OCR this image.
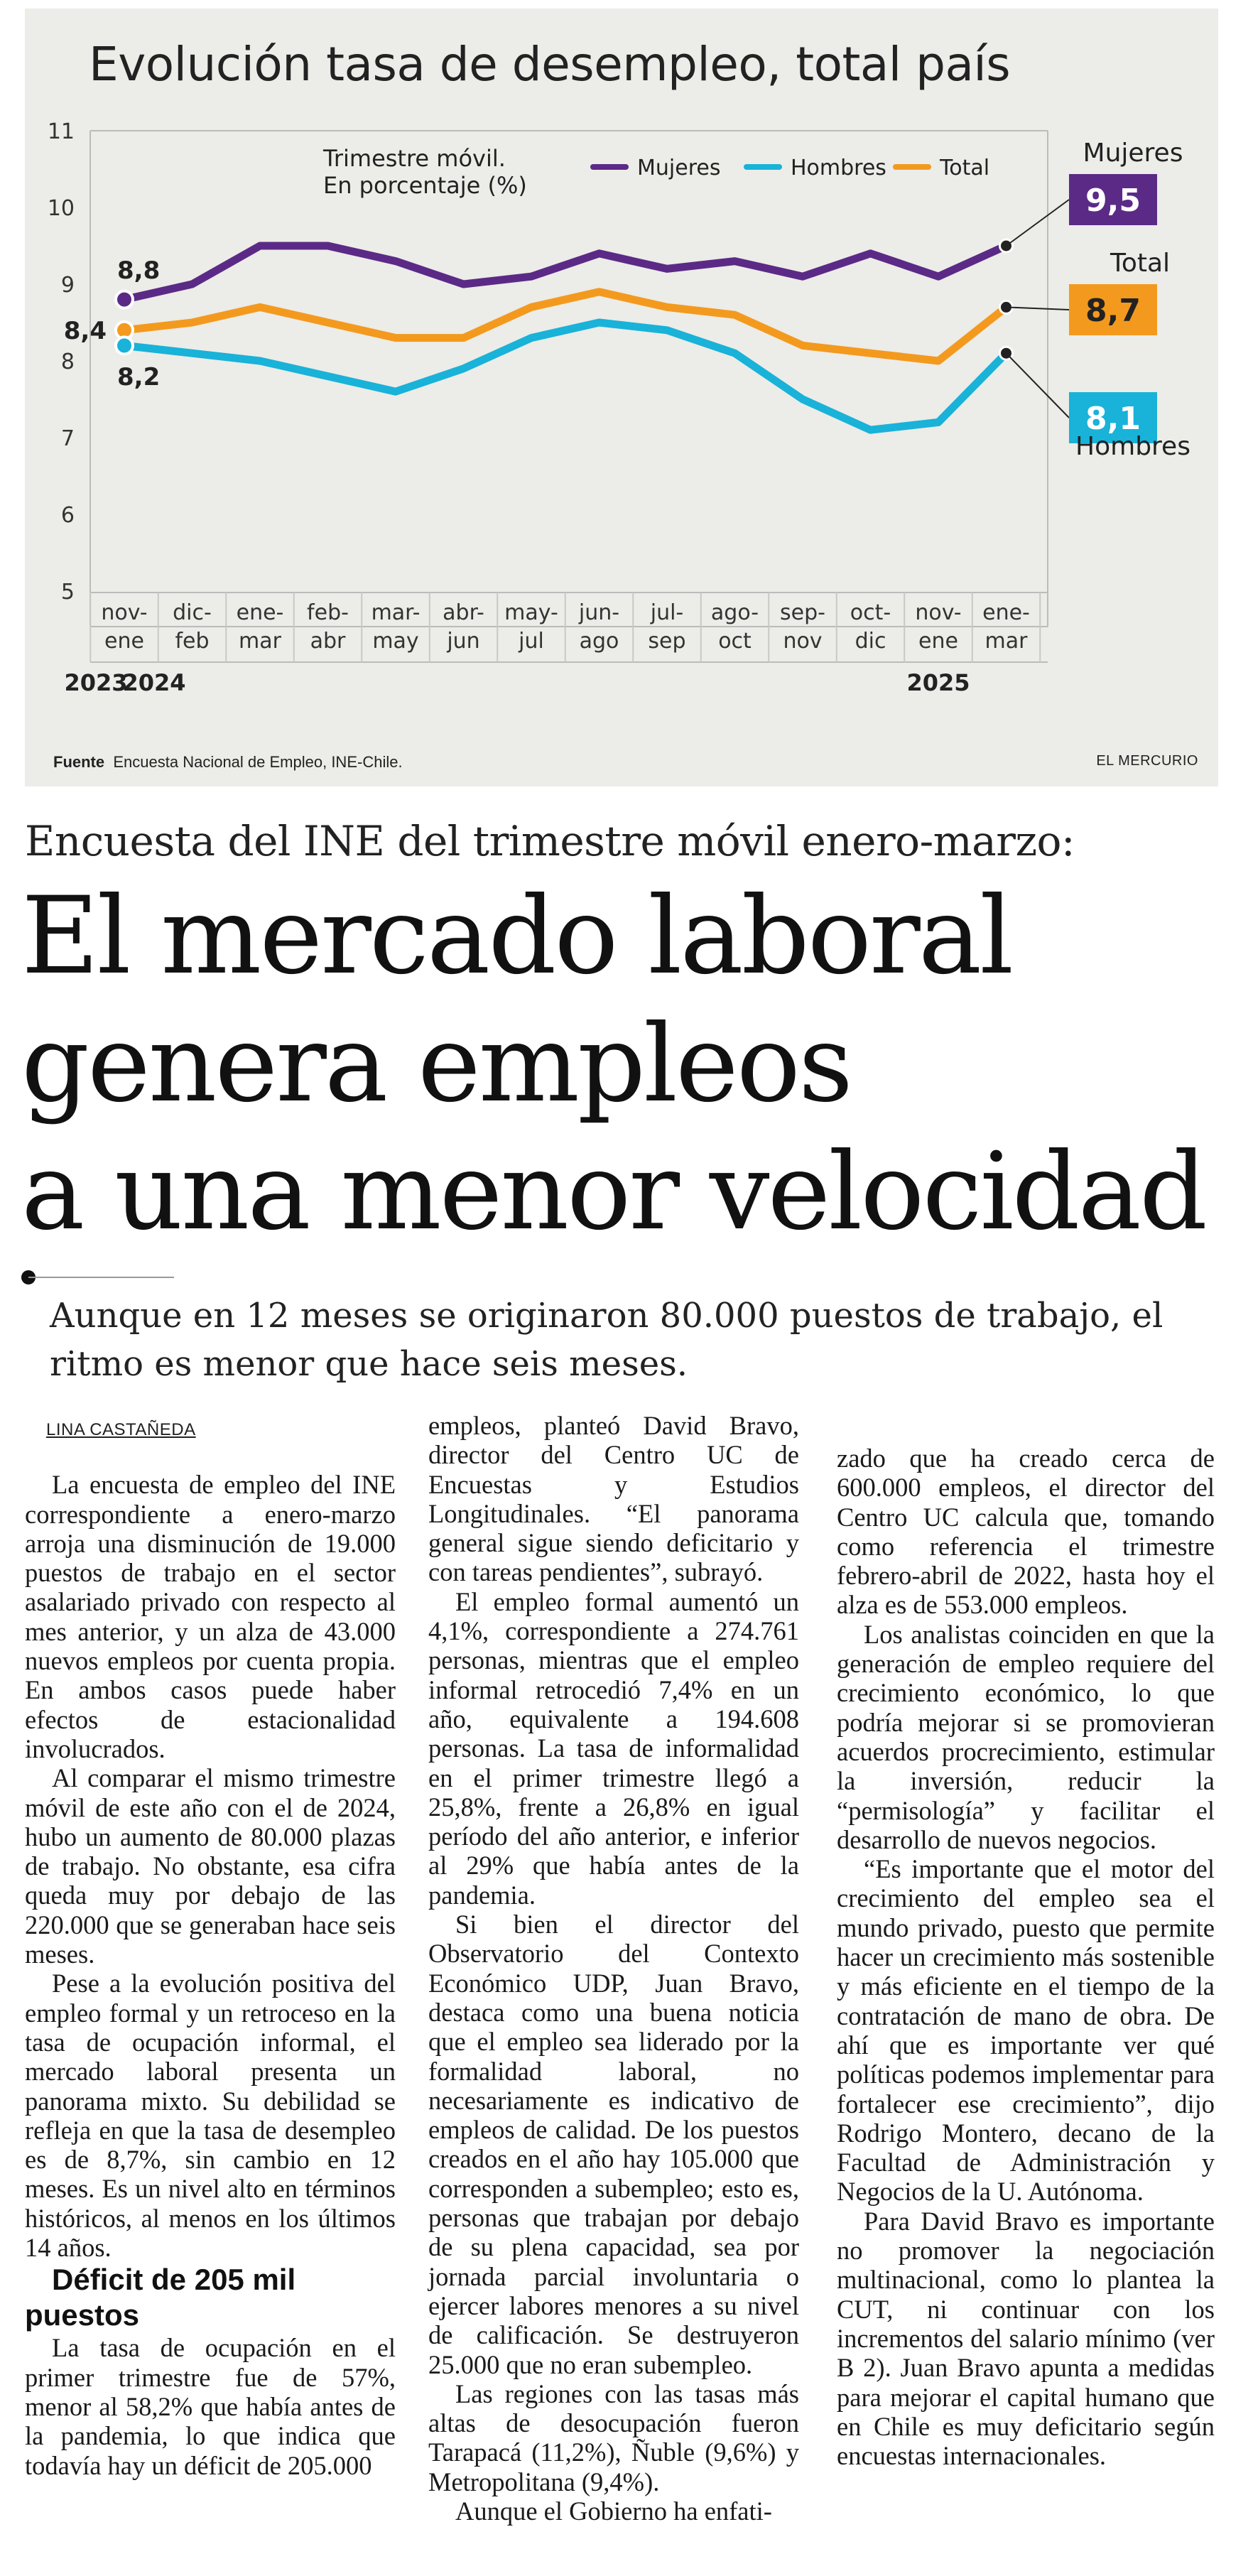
Evolución tasa de desempleo, total país
11
10
9
8
7
6
5
nov-
ene
dic-
feb
ene-
mar
feb-
abr
mar-
may
abr-
jun
may-
jul
jun-
ago
jul-
sep
ago-
oct
sep-
nov
oct-
dic
nov-
ene
ene-
mar
2023
2024	2025
Trimestre móvil.
En porcentaje (%)
Mujeres	Hombres	Total
8,8
8,4
8,2
9,5
Mujeres
8,7
Total
8,1
Hombres
Fuente Encuesta Nacional de Empleo, INE-Chile.	EL MERCURIO
Encuesta del INE del trimestre móvil enero-marzo:
El mercado laboral
genera empleos
a una menor velocidad
Aunque en 12 meses se originaron 80.000 puestos de trabajo, el ritmo es menor que hace seis meses.

LINA CASTAÑEDA

La encuesta de empleo del INE correspondiente a enero-marzo arroja una disminución de 19.000 puestos de trabajo en el sector asalariado privado con respecto al mes anterior, y un alza de 43.000 nuevos empleos por cuenta propia. En ambos casos puede haber efectos de estacionalidad involucrados.

Al comparar el mismo trimestre móvil de este año con el de 2024, hubo un aumento de 80.000 plazas de trabajo. No obstante, esa cifra queda muy por debajo de las 220.000 que se generaban hace seis meses.

Pese a la evolución positiva del empleo formal y un retroceso en la tasa de ocupación informal, el mercado laboral presenta un panorama mixto. Su debilidad se refleja en que la tasa de desempleo es de 8,7%, sin cambio en 12 meses. Es un nivel alto en términos históricos, al menos en los últimos 14 años.

Déficit de 205 mil puestos

La tasa de ocupación en el primer trimestre fue de 57%, menor al 58,2% que había antes de la pandemia, lo que indica que todavía hay un déficit de 205.000

empleos, planteó David Bravo, director del Centro UC de Encuestas y Estudios Longitudinales. “El panorama general sigue siendo deficitario y con tareas pendientes”, subrayó.

El empleo formal aumentó un 4,1%, correspondiente a 274.761 personas, mientras que el empleo informal retrocedió 7,4% en un año, equivalente a 194.608 personas. La tasa de informalidad en el primer trimestre llegó a 25,8%, frente a 26,8% en igual período del año anterior, e inferior al 29% que había antes de la pandemia.

Si bien el director del Observatorio del Contexto Económico UDP, Juan Bravo, destaca como una buena noticia que el empleo sea liderado por la formalidad laboral, no necesariamente es indicativo de empleos de calidad. De los puestos creados en el año hay 105.000 que corresponden a subempleo; esto es, personas que trabajan por debajo de su plena capacidad, sea por jornada parcial involuntaria o ejercer labores menores a su nivel de calificación. Se destruyeron 25.000 que no eran subempleo.

Las regiones con las tasas más altas de desocupación fueron Tarapacá (11,2%), Ñuble (9,6%) y Metropolitana (9,4%).

Aunque el Gobierno ha enfati-

zado que ha creado cerca de 600.000 empleos, el director del Centro UC calcula que, tomando como referencia el trimestre febrero-abril de 2022, hasta hoy el alza es de 553.000 empleos.

Los analistas coinciden en que la generación de empleo requiere del crecimiento económico, lo que podría mejorar si se promovieran acuerdos procrecimiento, estimular la inversión, reducir la “permisología” y facilitar el desarrollo de nuevos negocios.

“Es importante que el motor del crecimiento del empleo sea el mundo privado, puesto que permite hacer un crecimiento más sostenible y más eficiente en el tiempo de la contratación de mano de obra. De ahí que es importante ver qué políticas podemos implementar para fortalecer ese crecimiento”, dijo Rodrigo Montero, decano de la Facultad de Administración y Negocios de la U. Autónoma.

Para David Bravo es importante no promover la negociación multinacional, como lo plantea la CUT, ni continuar con los incrementos del salario mínimo (ver B 2). Juan Bravo apunta a medidas para mejorar el capital humano que en Chile es muy deficitario según encuestas internacionales.
